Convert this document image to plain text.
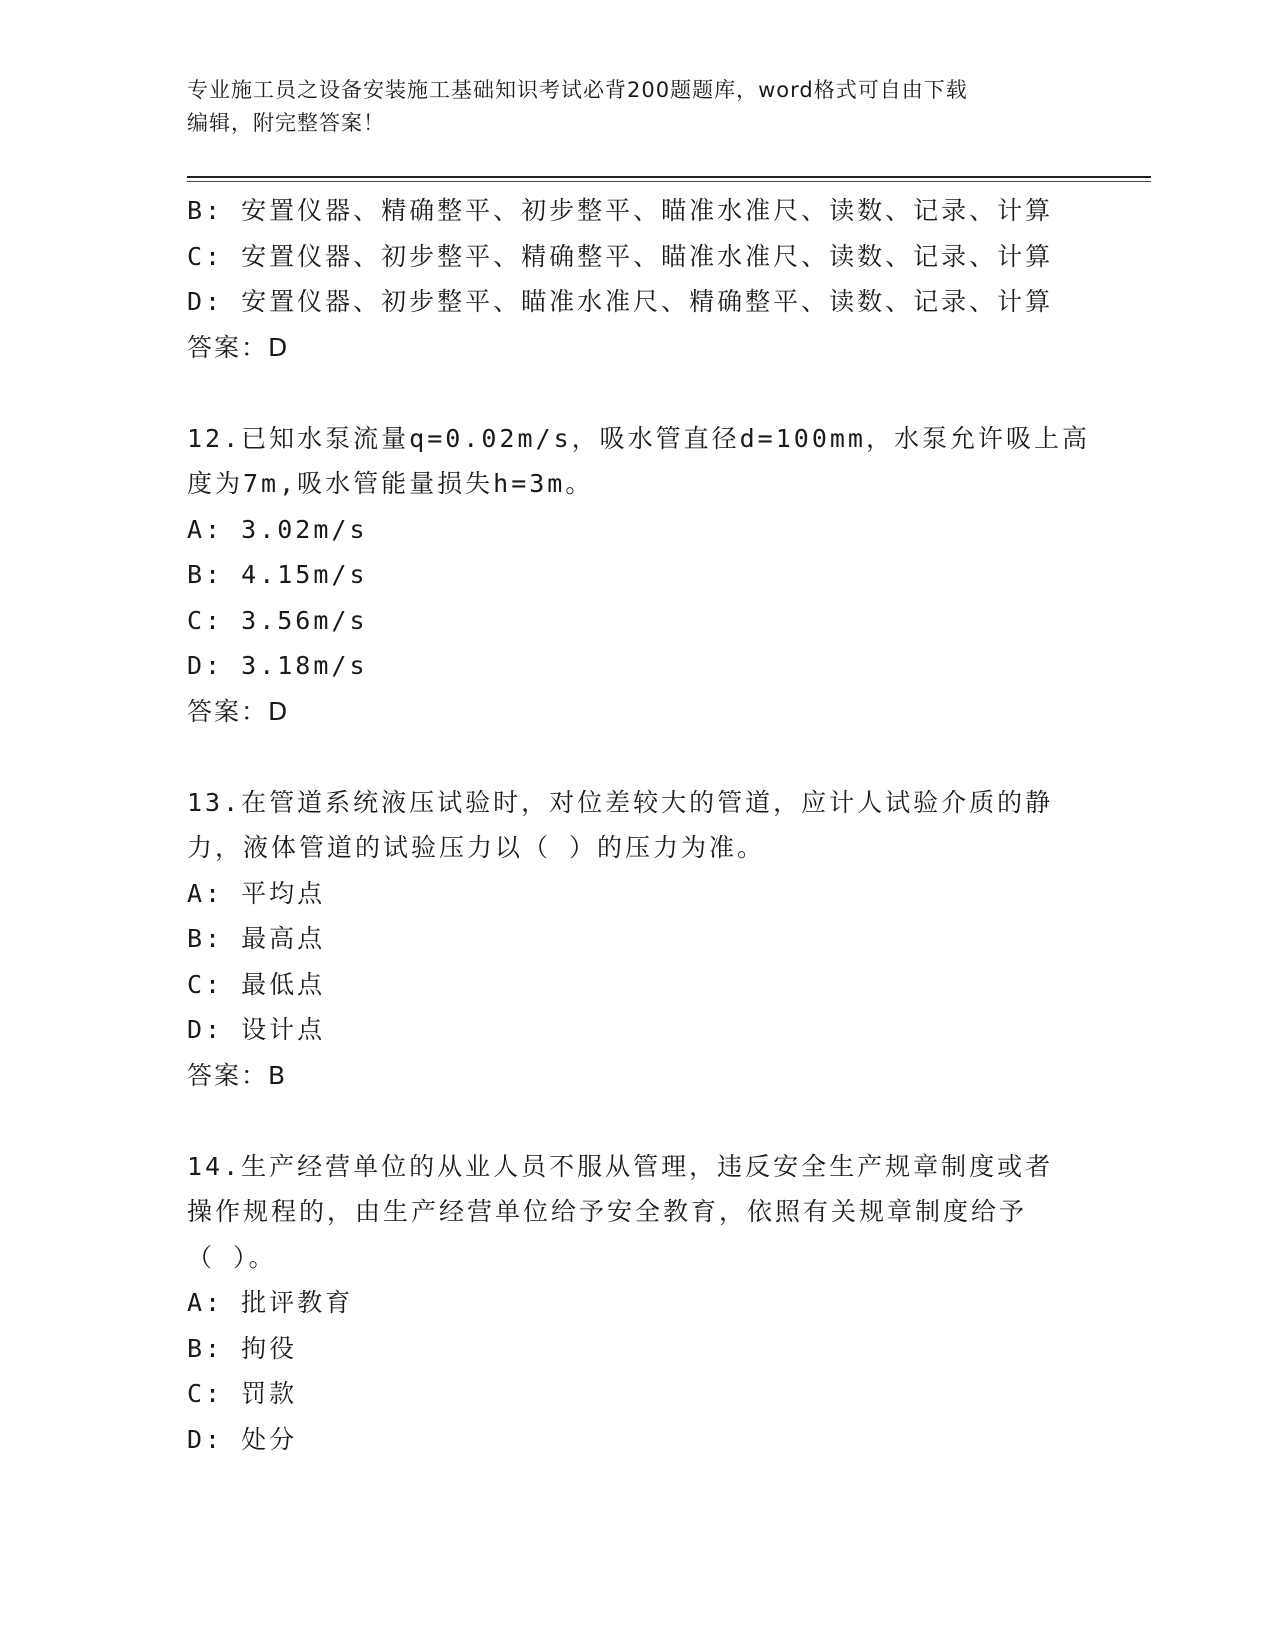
专业施工员之设备安装施工基础知识考试必背200题题库，word格式可自由下载
编辑，附完整答案！
B: 安置仪器、精确整平、初步整平、瞄准水准尺、读数、记录、计算
C: 安置仪器、初步整平、精确整平、瞄准水准尺、读数、记录、计算
D: 安置仪器、初步整平、瞄准水准尺、精确整平、读数、记录、计算
答案：D
12.已知水泵流量q=0.02m/s，吸水管直径d=100mm，水泵允许吸上高
度为7m,吸水管能量损失h=3m。
A: 3.02m/s
B: 4.15m/s
C: 3.56m/s
D: 3.18m/s
答案：D
13.在管道系统液压试验时，对位差较大的管道，应计人试验介质的静
力，液体管道的试验压力以（ ）的压力为准。
A: 平均点
B: 最高点
C: 最低点
D: 设计点
答案：B
14.生产经营单位的从业人员不服从管理，违反安全生产规章制度或者
操作规程的，由生产经营单位给予安全教育，依照有关规章制度给予
（ ）。
A: 批评教育
B: 拘役
C: 罚款
D: 处分
